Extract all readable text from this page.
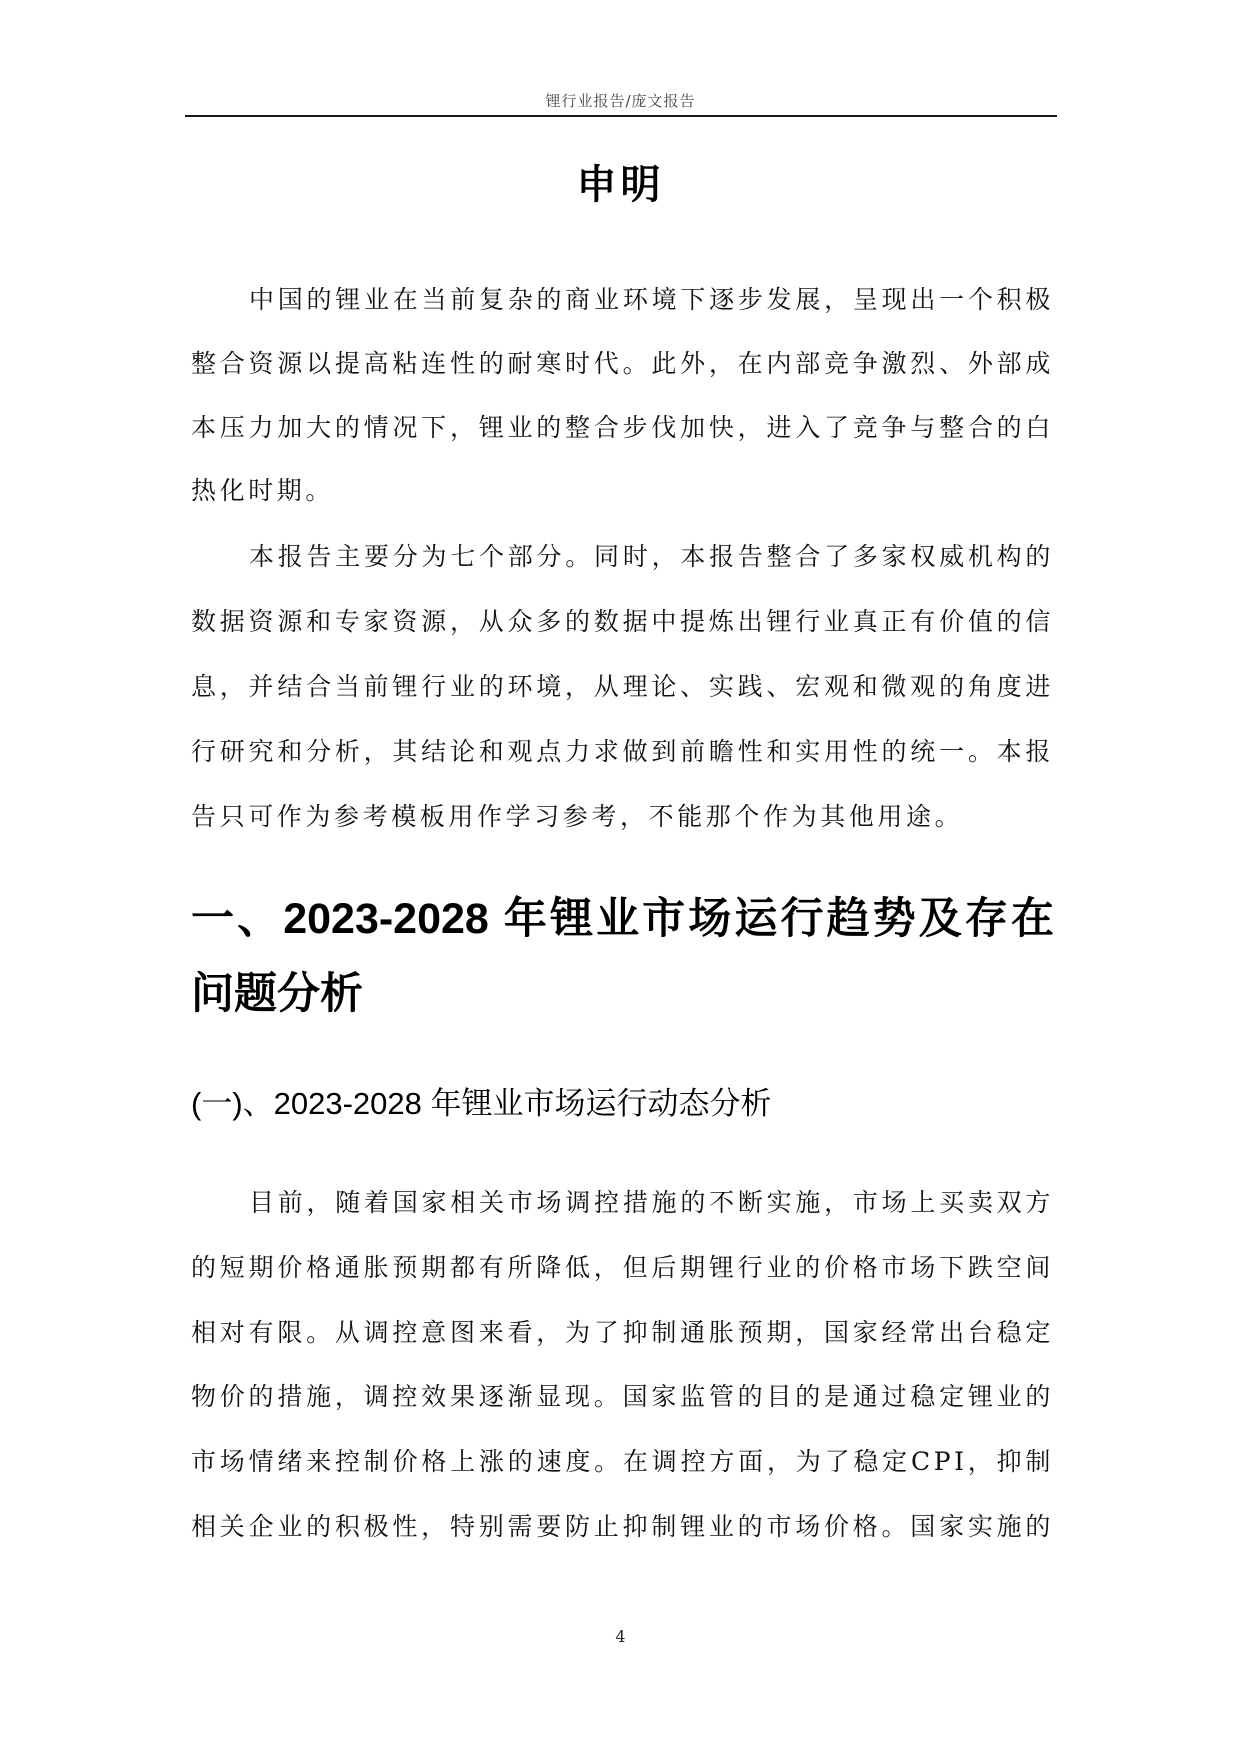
锂行业报告/庞文报告
申明
中国的锂业在当前复杂的商业环境下逐步发展，呈现出一个积极
整合资源以提高粘连性的耐寒时代。此外，在内部竞争激烈、外部成
本压力加大的情况下，锂业的整合步伐加快，进入了竞争与整合的白
热化时期。
本报告主要分为七个部分。同时，本报告整合了多家权威机构的
数据资源和专家资源，从众多的数据中提炼出锂行业真正有价值的信
息，并结合当前锂行业的环境，从理论、实践、宏观和微观的角度进
行研究和分析，其结论和观点力求做到前瞻性和实用性的统一。本报
告只可作为参考模板用作学习参考，不能那个作为其他用途。
一、2023-2028 年锂业市场运行趋势及存在
问题分析
(一)、2023-2028 年锂业市场运行动态分析
目前，随着国家相关市场调控措施的不断实施，市场上买卖双方
的短期价格通胀预期都有所降低，但后期锂行业的价格市场下跌空间
相对有限。从调控意图来看，为了抑制通胀预期，国家经常出台稳定
物价的措施，调控效果逐渐显现。国家监管的目的是通过稳定锂业的
市场情绪来控制价格上涨的速度。在调控方面，为了稳定CPI，抑制
相关企业的积极性，特别需要防止抑制锂业的市场价格。国家实施的
4
